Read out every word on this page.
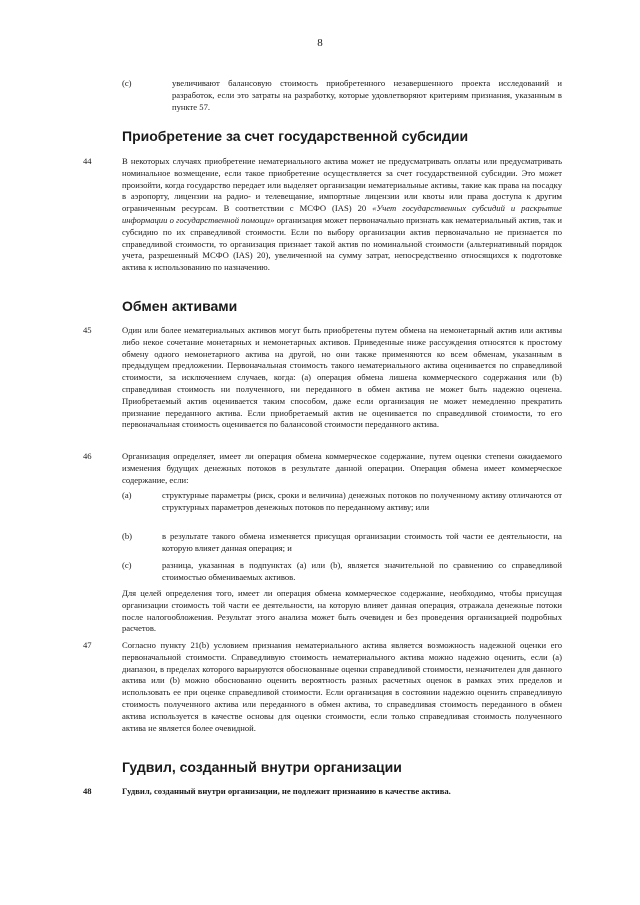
8
(c)	увеличивают балансовую стоимость приобретенного незавершенного проекта исследований и разработок, если это затраты на разработку, которые удовлетворяют критериям признания, указанным в пункте 57.
Приобретение за счет государственной субсидии
44	В некоторых случаях приобретение нематериального актива может не предусматривать оплаты или предусматривать номинальное возмещение, если такое приобретение осуществляется за счет государственной субсидии. Это может произойти, когда государство передает или выделяет организации нематериальные активы, такие как права на посадку в аэропорту, лицензии на радио- и телевещание, импортные лицензии или квоты или права доступа к другим ограниченным ресурсам. В соответствии с МСФО (IAS) 20 «Учет государственных субсидий и раскрытие информации о государственной помощи» организация может первоначально признать как нематериальный актив, так и субсидию по их справедливой стоимости. Если по выбору организации актив первоначально не признается по справедливой стоимости, то организация признает такой актив по номинальной стоимости (альтернативный порядок учета, разрешенный МСФО (IAS) 20), увеличенной на сумму затрат, непосредственно относящихся к подготовке актива к использованию по назначению.
Обмен активами
45	Один или более нематериальных активов могут быть приобретены путем обмена на немонетарный актив или активы либо некое сочетание монетарных и немонетарных активов. Приведенные ниже рассуждения относятся к простому обмену одного немонетарного актива на другой, но они также применяются ко всем обменам, указанным в предыдущем предложении. Первоначальная стоимость такого нематериального актива оценивается по справедливой стоимости, за исключением случаев, когда: (а) операция обмена лишена коммерческого содержания или (b) справедливая стоимость ни полученного, ни переданного в обмен актива не может быть надежно оценена. Приобретаемый актив оценивается таким способом, даже если организация не может немедленно прекратить признание переданного актива. Если приобретаемый актив не оценивается по справедливой стоимости, то его первоначальная стоимость оценивается по балансовой стоимости переданного актива.
46	Организация определяет, имеет ли операция обмена коммерческое содержание, путем оценки степени ожидаемого изменения будущих денежных потоков в результате данной операции. Операция обмена имеет коммерческое содержание, если:
(a)	структурные параметры (риск, сроки и величина) денежных потоков по полученному активу отличаются от структурных параметров денежных потоков по переданному активу; или
(b)	в результате такого обмена изменяется присущая организации стоимость той части ее деятельности, на которую влияет данная операция; и
(c)	разница, указанная в подпунктах (а) или (b), является значительной по сравнению со справедливой стоимостью обмениваемых активов.
Для целей определения того, имеет ли операция обмена коммерческое содержание, необходимо, чтобы присущая организации стоимость той части ее деятельности, на которую влияет данная операция, отражала денежные потоки после налогообложения. Результат этого анализа может быть очевиден и без проведения организацией подробных расчетов.
47	Согласно пункту 21(b) условием признания нематериального актива является возможность надежной оценки его первоначальной стоимости. Справедливую стоимость нематериального актива можно надежно оценить, если (а) диапазон, в пределах которого варьируются обоснованные оценки справедливой стоимости, незначителен для данного актива или (b) можно обоснованно оценить вероятность разных расчетных оценок в рамках этих пределов и использовать ее при оценке справедливой стоимости. Если организация в состоянии надежно оценить справедливую стоимость полученного актива или переданного в обмен актива, то справедливая стоимость переданного в обмен актива используется в качестве основы для оценки стоимости, если только справедливая стоимость полученного актива не является более очевидной.
Гудвил, созданный внутри организации
48	Гудвил, созданный внутри организации, не подлежит признанию в качестве актива.
